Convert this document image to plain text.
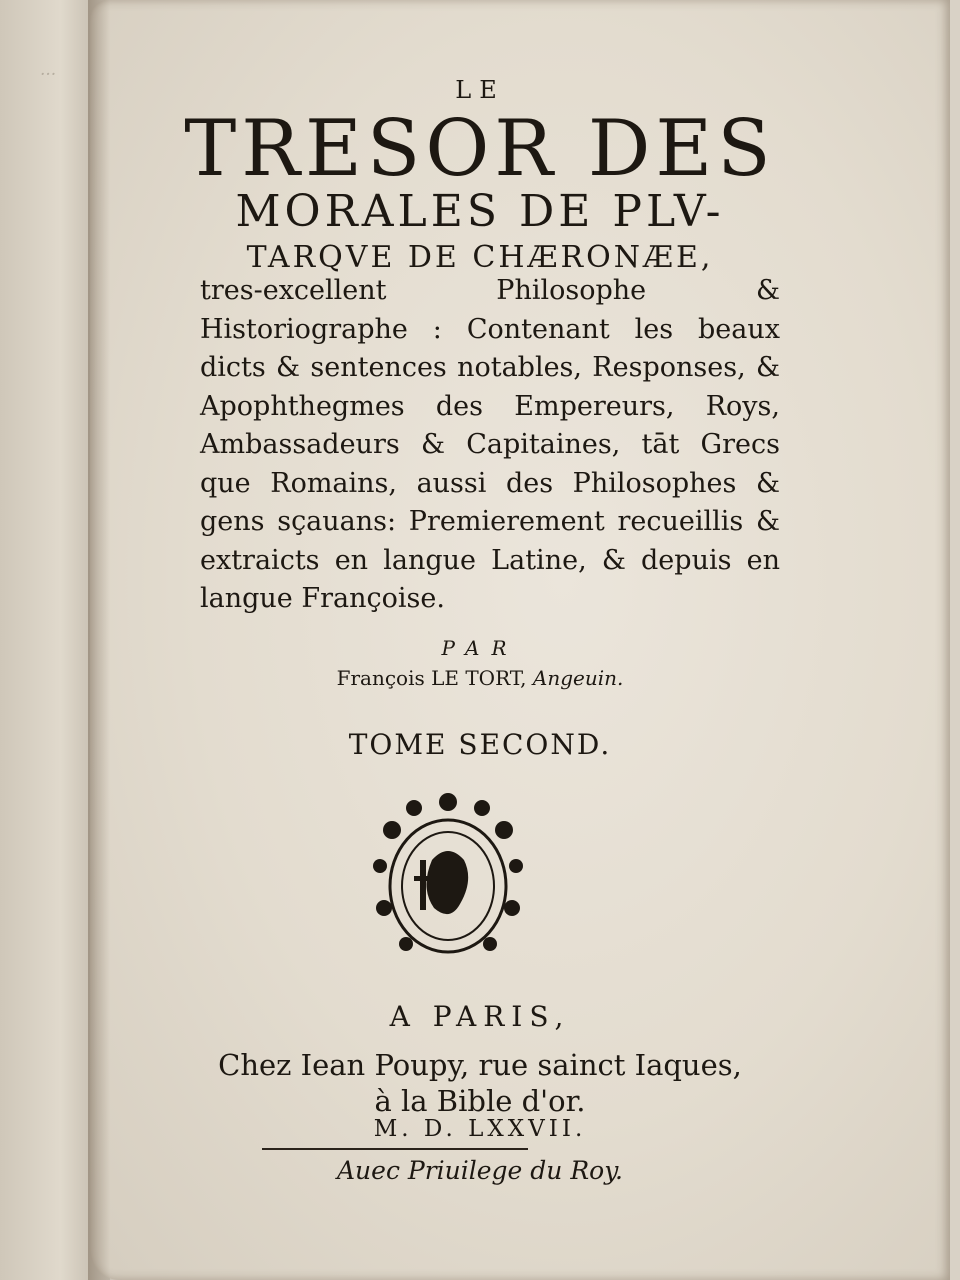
...

LE

TRESOR DES

MORALES DE PLV-

TARQVE DE CHÆRONÆE,

tres-excellent Philosophe & Historiographe : Contenant les beaux dicts & sentences notables, Responses, & Apophthegmes des Empereurs, Roys, Ambassadeurs & Capitaines, tāt Grecs que Romains, aussi des Philosophes & gens sçauans: Premierement recueillis & extraicts en langue Latine, & depuis en langue Françoise.

PAR

François LE TORT, Angeuin.

TOME SECOND.

A PARIS,

Chez Iean Poupy, rue sainct Iaques,

à la Bible d'or.

M. D. LXXVII.

Auec Priuilege du Roy.
